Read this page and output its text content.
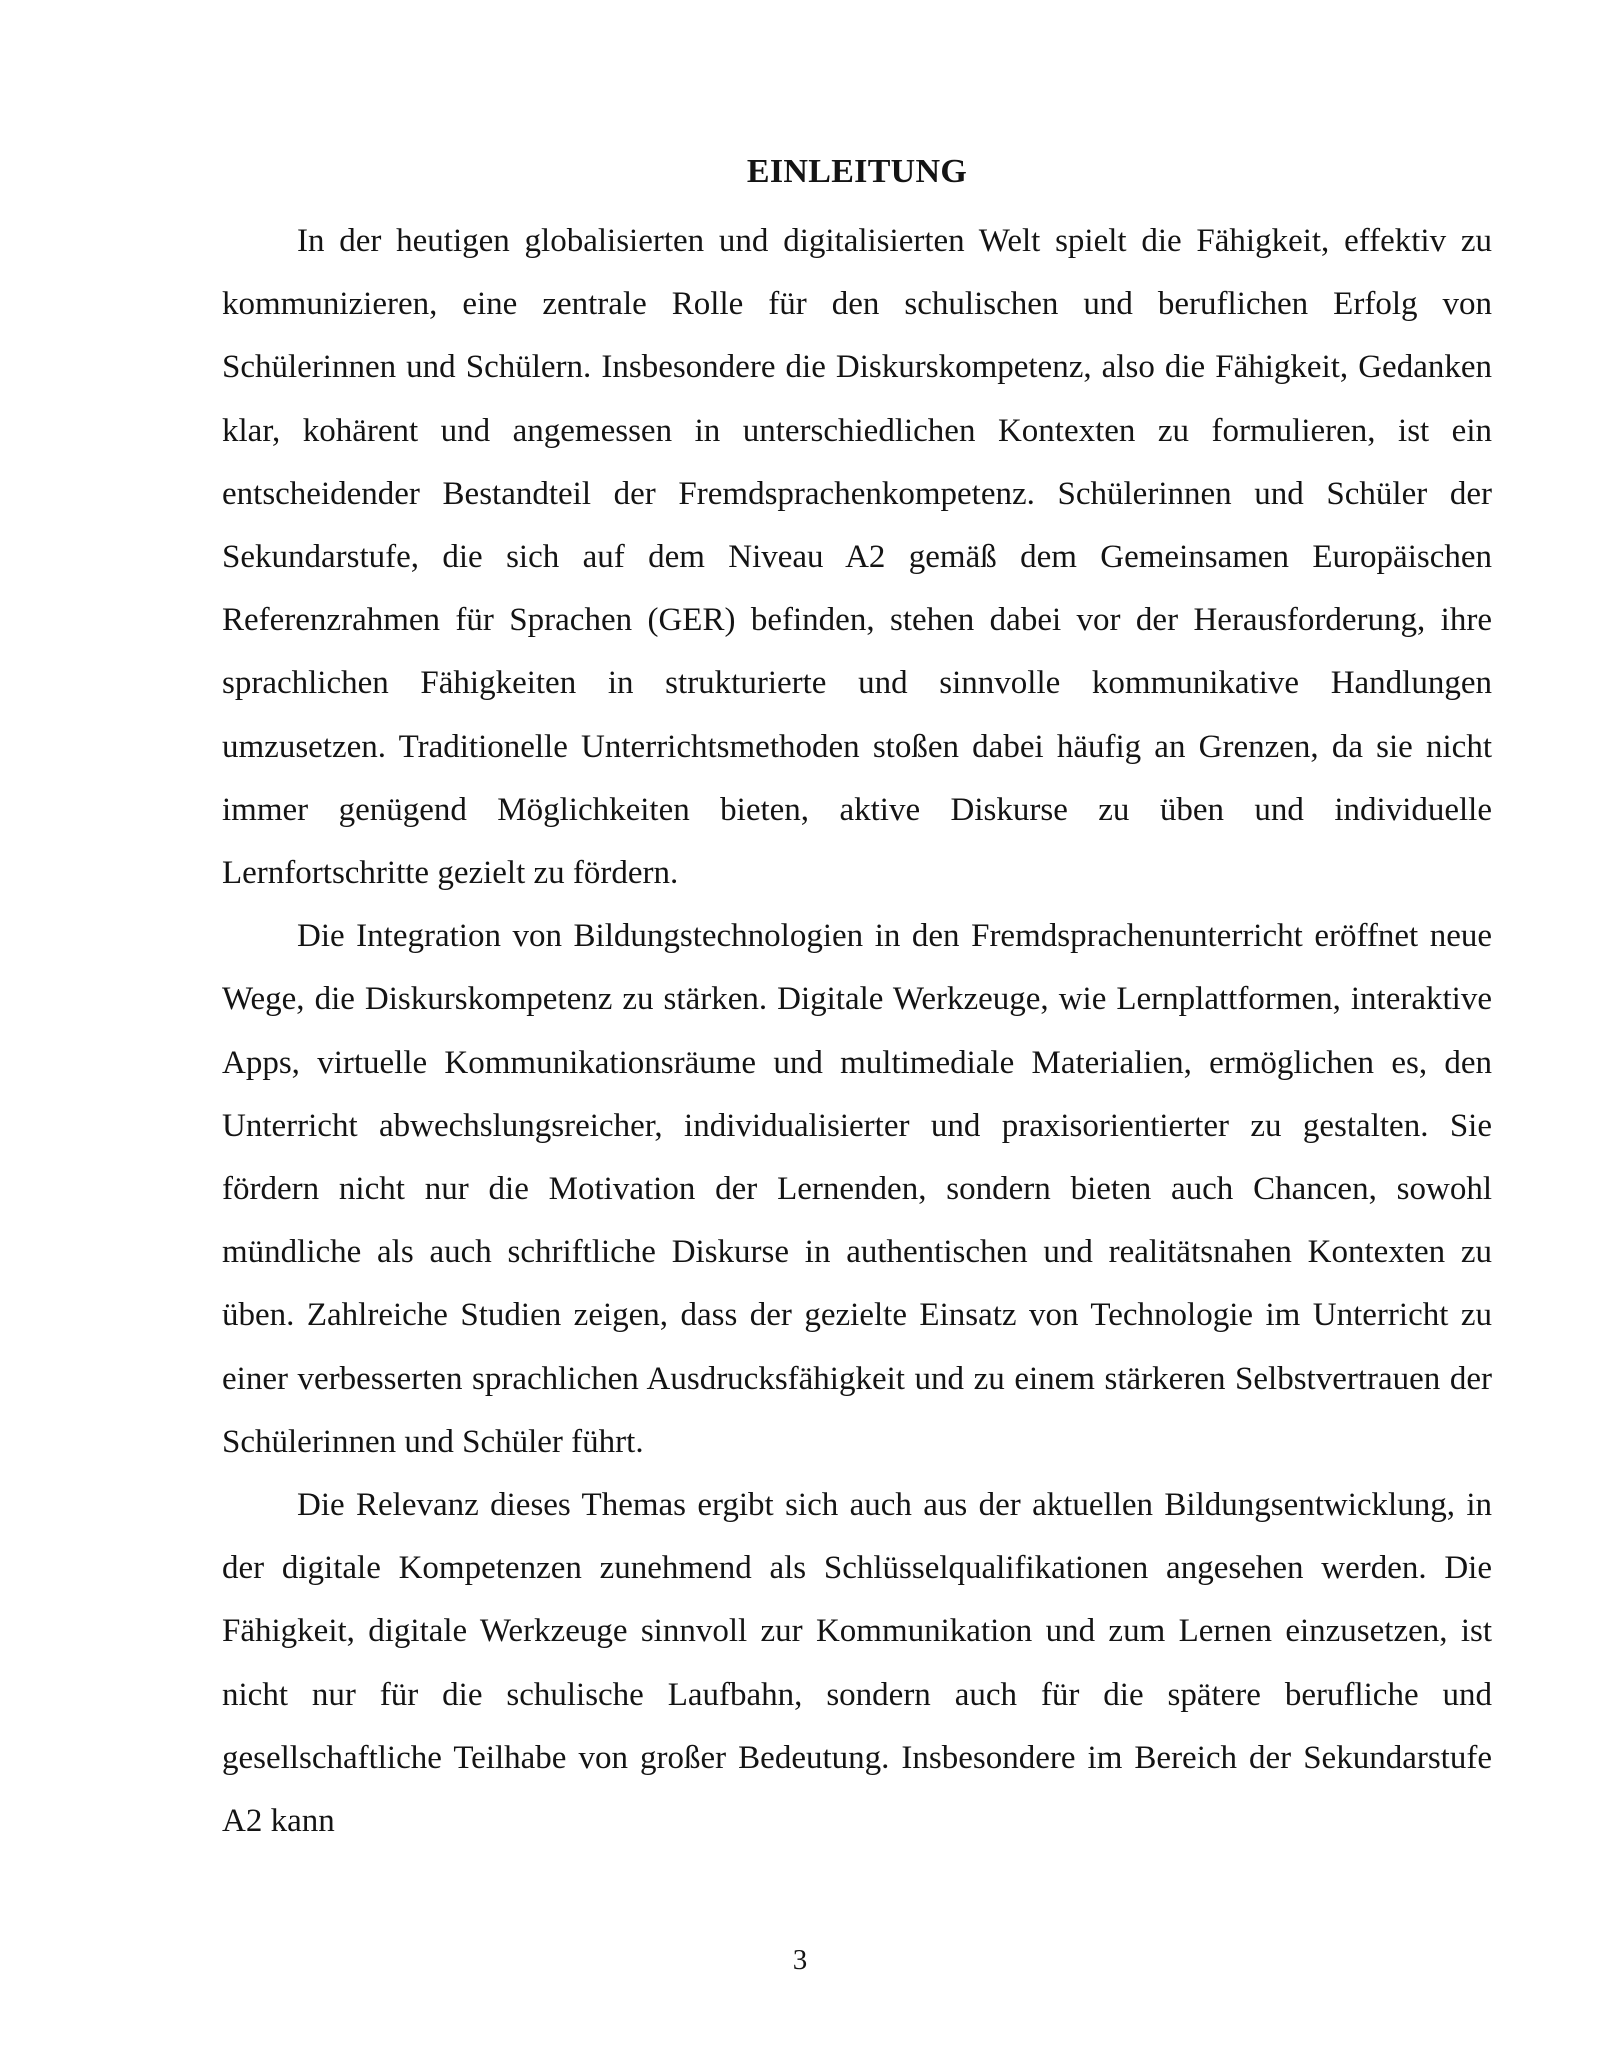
EINLEITUNG

In der heutigen globalisierten und digitalisierten Welt spielt die Fähigkeit, effektiv zu kommunizieren, eine zentrale Rolle für den schulischen und beruflichen Erfolg von Schülerinnen und Schülern. Insbesondere die Diskurskompetenz, also die Fähigkeit, Gedanken klar, kohärent und angemessen in unterschiedlichen Kontexten zu formulieren, ist ein entscheidender Bestandteil der Fremdsprachenkompetenz. Schülerinnen und Schüler der Sekundarstufe, die sich auf dem Niveau A2 gemäß dem Gemeinsamen Europäischen Referenzrahmen für Sprachen (GER) befinden, stehen dabei vor der Herausforderung, ihre sprachlichen Fähigkeiten in strukturierte und sinnvolle kommunikative Handlungen umzusetzen. Traditionelle Unterrichtsmethoden stoßen dabei häufig an Grenzen, da sie nicht immer genügend Möglichkeiten bieten, aktive Diskurse zu üben und individuelle Lernfortschritte gezielt zu fördern.

Die Integration von Bildungstechnologien in den Fremdsprachenunterricht eröffnet neue Wege, die Diskurskompetenz zu stärken. Digitale Werkzeuge, wie Lernplattformen, interaktive Apps, virtuelle Kommunikationsräume und multimediale Materialien, ermöglichen es, den Unterricht abwechslungsreicher, individualisierter und praxisorientierter zu gestalten. Sie fördern nicht nur die Motivation der Lernenden, sondern bieten auch Chancen, sowohl mündliche als auch schriftliche Diskurse in authentischen und realitätsnahen Kontexten zu üben. Zahlreiche Studien zeigen, dass der gezielte Einsatz von Technologie im Unterricht zu einer verbesserten sprachlichen Ausdrucksfähigkeit und zu einem stärkeren Selbstvertrauen der Schülerinnen und Schüler führt.

Die Relevanz dieses Themas ergibt sich auch aus der aktuellen Bildungsentwicklung, in der digitale Kompetenzen zunehmend als Schlüsselqualifikationen angesehen werden. Die Fähigkeit, digitale Werkzeuge sinnvoll zur Kommunikation und zum Lernen einzusetzen, ist nicht nur für die schulische Laufbahn, sondern auch für die spätere berufliche und gesellschaftliche Teilhabe von großer Bedeutung. Insbesondere im Bereich der Sekundarstufe A2 kann

3
